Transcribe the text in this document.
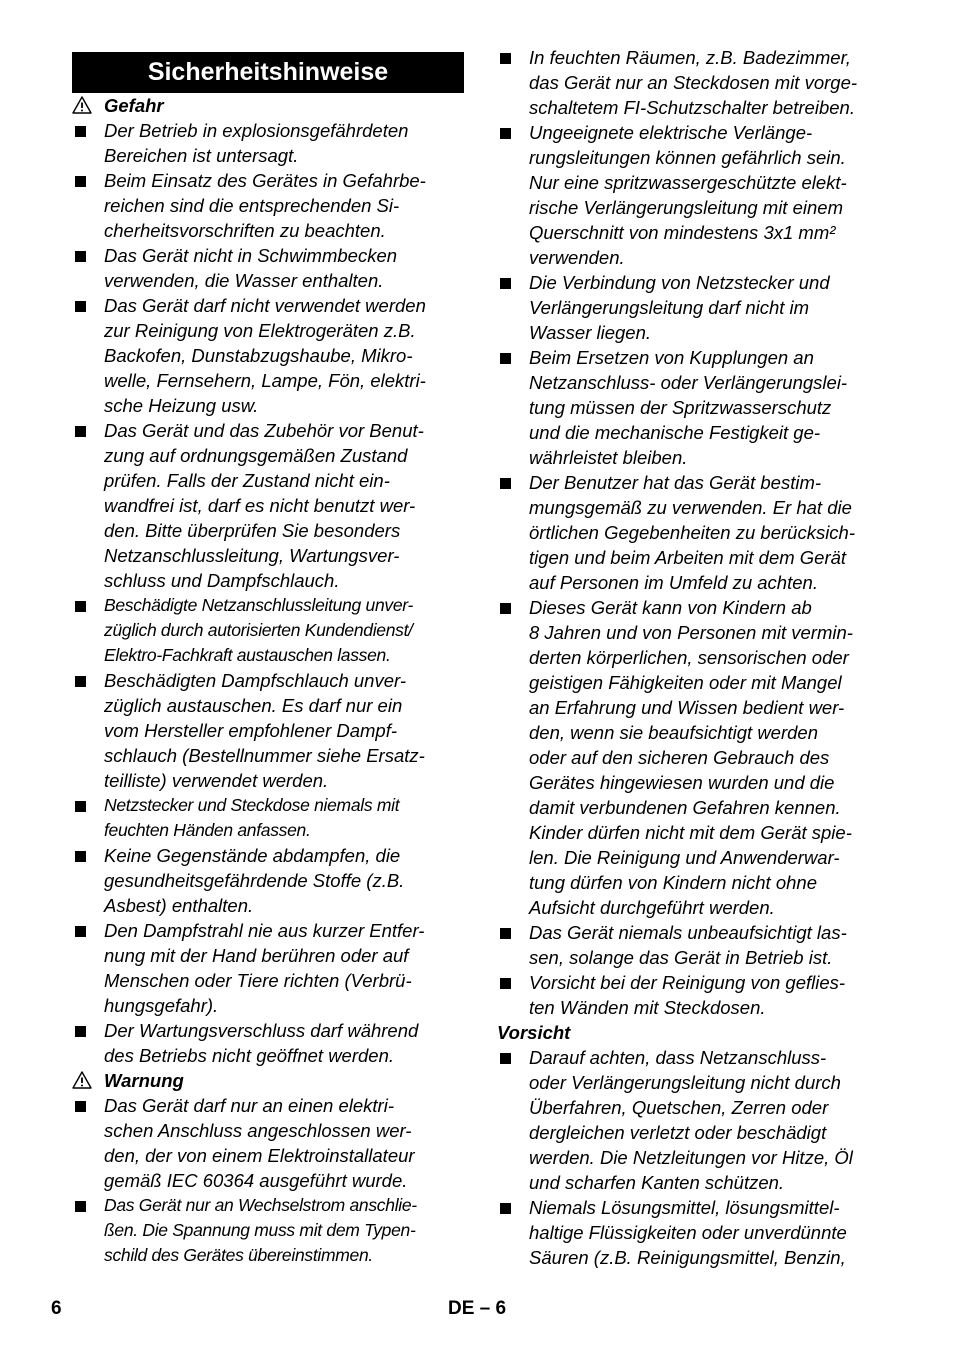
Sicherheitshinweise
Gefahr
Der Betrieb in explosionsgefährdeten
Bereichen ist untersagt.
Beim Einsatz des Gerätes in Gefahrbe-
reichen sind die entsprechenden Si-
cherheitsvorschriften zu beachten.
Das Gerät nicht in Schwimmbecken
verwenden, die Wasser enthalten.
Das Gerät darf nicht verwendet werden
zur Reinigung von Elektrogeräten z.B.
Backofen, Dunstabzugshaube, Mikro-
welle, Fernsehern, Lampe, Fön, elektri-
sche Heizung usw.
Das Gerät und das Zubehör vor Benut-
zung auf ordnungsgemäßen Zustand
prüfen. Falls der Zustand nicht ein-
wandfrei ist, darf es nicht benutzt wer-
den. Bitte überprüfen Sie besonders
Netzanschlussleitung, Wartungsver-
schluss und Dampfschlauch.
Beschädigte Netzanschlussleitung unver-
züglich durch autorisierten Kundendienst/
Elektro-Fachkraft austauschen lassen.
Beschädigten Dampfschlauch unver-
züglich austauschen. Es darf nur ein
vom Hersteller empfohlener Dampf-
schlauch (Bestellnummer siehe Ersatz-
teilliste) verwendet werden.
Netzstecker und Steckdose niemals mit
feuchten Händen anfassen.
Keine Gegenstände abdampfen, die
gesundheitsgefährdende Stoffe (z.B.
Asbest) enthalten.
Den Dampfstrahl nie aus kurzer Entfer-
nung mit der Hand berühren oder auf
Menschen oder Tiere richten (Verbrü-
hungsgefahr).
Der Wartungsverschluss darf während
des Betriebs nicht geöffnet werden.
Warnung
Das Gerät darf nur an einen elektri-
schen Anschluss angeschlossen wer-
den, der von einem Elektroinstallateur
gemäß IEC 60364 ausgeführt wurde.
Das Gerät nur an Wechselstrom anschlie-
ßen. Die Spannung muss mit dem Typen-
schild des Gerätes übereinstimmen.
In feuchten Räumen, z.B. Badezimmer,
das Gerät nur an Steckdosen mit vorge-
schaltetem FI-Schutzschalter betreiben.
Ungeeignete elektrische Verlänge-
rungsleitungen können gefährlich sein.
Nur eine spritzwassergeschützte elekt-
rische Verlängerungsleitung mit einem
Querschnitt von mindestens 3x1 mm²
verwenden.
Die Verbindung von Netzstecker und
Verlängerungsleitung darf nicht im
Wasser liegen.
Beim Ersetzen von Kupplungen an
Netzanschluss- oder Verlängerungslei-
tung müssen der Spritzwasserschutz
und die mechanische Festigkeit ge-
währleistet bleiben.
Der Benutzer hat das Gerät bestim-
mungsgemäß zu verwenden. Er hat die
örtlichen Gegebenheiten zu berücksich-
tigen und beim Arbeiten mit dem Gerät
auf Personen im Umfeld zu achten.
Dieses Gerät kann von Kindern ab
8 Jahren und von Personen mit vermin-
derten körperlichen, sensorischen oder
geistigen Fähigkeiten oder mit Mangel
an Erfahrung und Wissen bedient wer-
den, wenn sie beaufsichtigt werden
oder auf den sicheren Gebrauch des
Gerätes hingewiesen wurden und die
damit verbundenen Gefahren kennen.
Kinder dürfen nicht mit dem Gerät spie-
len. Die Reinigung und Anwenderwar-
tung dürfen von Kindern nicht ohne
Aufsicht durchgeführt werden.
Das Gerät niemals unbeaufsichtigt las-
sen, solange das Gerät in Betrieb ist.
Vorsicht bei der Reinigung von geflies-
ten Wänden mit Steckdosen.
Vorsicht
Darauf achten, dass Netzanschluss-
oder Verlängerungsleitung nicht durch
Überfahren, Quetschen, Zerren oder
dergleichen verletzt oder beschädigt
werden. Die Netzleitungen vor Hitze, Öl
und scharfen Kanten schützen.
Niemals Lösungsmittel, lösungsmittel-
haltige Flüssigkeiten oder unverdünnte
Säuren (z.B. Reinigungsmittel, Benzin,
6	DE – 6
